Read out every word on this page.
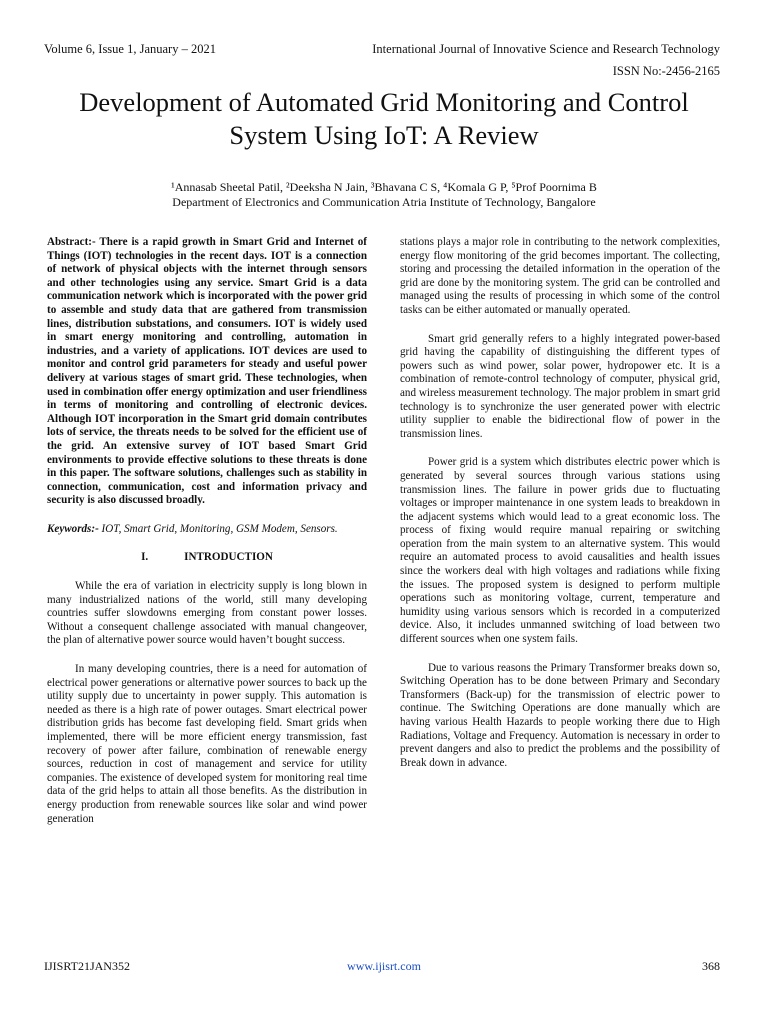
Volume 6, Issue 1, January – 2021	International Journal of Innovative Science and Research Technology
ISSN No:-2456-2165
Development of Automated Grid Monitoring and Control System Using IoT: A Review
¹Annasab Sheetal Patil, ²Deeksha N Jain, ³Bhavana C S, ⁴Komala G P, ⁵Prof Poornima B
Department of Electronics and Communication Atria Institute of Technology, Bangalore

Abstract:- There is a rapid growth in Smart Grid and Internet of Things (IOT) technologies in the recent days. IOT is a connection of network of physical objects with the internet through sensors and other technologies using any service. Smart Grid is a data communication network which is incorporated with the power grid to assemble and study data that are gathered from transmission lines, distribution substations, and consumers. IOT is widely used in smart energy monitoring and controlling, automation in industries, and a variety of applications. IOT devices are used to monitor and control grid parameters for steady and useful power delivery at various stages of smart grid. These technologies, when used in combination offer energy optimization and user friendliness in terms of monitoring and controlling of electronic devices. Although IOT incorporation in the Smart grid domain contributes lots of service, the threats needs to be solved for the efficient use of the grid. An extensive survey of IOT based Smart Grid environments to provide effective solutions to these threats is done in this paper. The software solutions, challenges such as stability in connection, communication, cost and information privacy and security is also discussed broadly.

Keywords:- IOT, Smart Grid, Monitoring, GSM Modem, Sensors.

I.	INTRODUCTION

While the era of variation in electricity supply is long blown in many industrialized nations of the world, still many developing countries suffer slowdowns emerging from constant power losses. Without a consequent challenge associated with manual changeover, the plan of alternative power source would haven’t bought success.

In many developing countries, there is a need for automation of electrical power generations or alternative power sources to back up the utility supply due to uncertainty in power supply. This automation is needed as there is a high rate of power outages. Smart electrical power distribution grids has become fast developing field. Smart grids when implemented, there will be more efficient energy transmission, fast recovery of power after failure, combination of renewable energy sources, reduction in cost of management and service for utility companies. The existence of developed system for monitoring real time data of the grid helps to attain all those benefits. As the distribution in energy production from renewable sources like solar and wind power generation

stations plays a major role in contributing to the network complexities, energy flow monitoring of the grid becomes important. The collecting, storing and processing the detailed information in the operation of the grid are done by the monitoring system. The grid can be controlled and managed using the results of processing in which some of the control tasks can be either automated or manually operated.

Smart grid generally refers to a highly integrated power-based grid having the capability of distinguishing the different types of powers such as wind power, solar power, hydropower etc. It is a combination of remote-control technology of computer, physical grid, and wireless measurement technology. The major problem in smart grid technology is to synchronize the user generated power with electric utility supplier to enable the bidirectional flow of power in the transmission lines.

Power grid is a system which distributes electric power which is generated by several sources through various stations using transmission lines. The failure in power grids due to fluctuating voltages or improper maintenance in one system leads to breakdown in the adjacent systems which would lead to a great economic loss. The process of fixing would require manual repairing or switching operation from the main system to an alternative system. This would require an automated process to avoid causalities and health issues since the workers deal with high voltages and radiations while fixing the issues. The proposed system is designed to perform multiple operations such as monitoring voltage, current, temperature and humidity using various sensors which is recorded in a computerized device. Also, it includes unmanned switching of load between two different sources when one system fails.

Due to various reasons the Primary Transformer breaks down so, Switching Operation has to be done between Primary and Secondary Transformers (Back-up) for the transmission of electric power to continue. The Switching Operations are done manually which are having various Health Hazards to people working there due to High Radiations, Voltage and Frequency. Automation is necessary in order to prevent dangers and also to predict the problems and the possibility of Break down in advance.

IJISRT21JAN352	www.ijisrt.com	368
